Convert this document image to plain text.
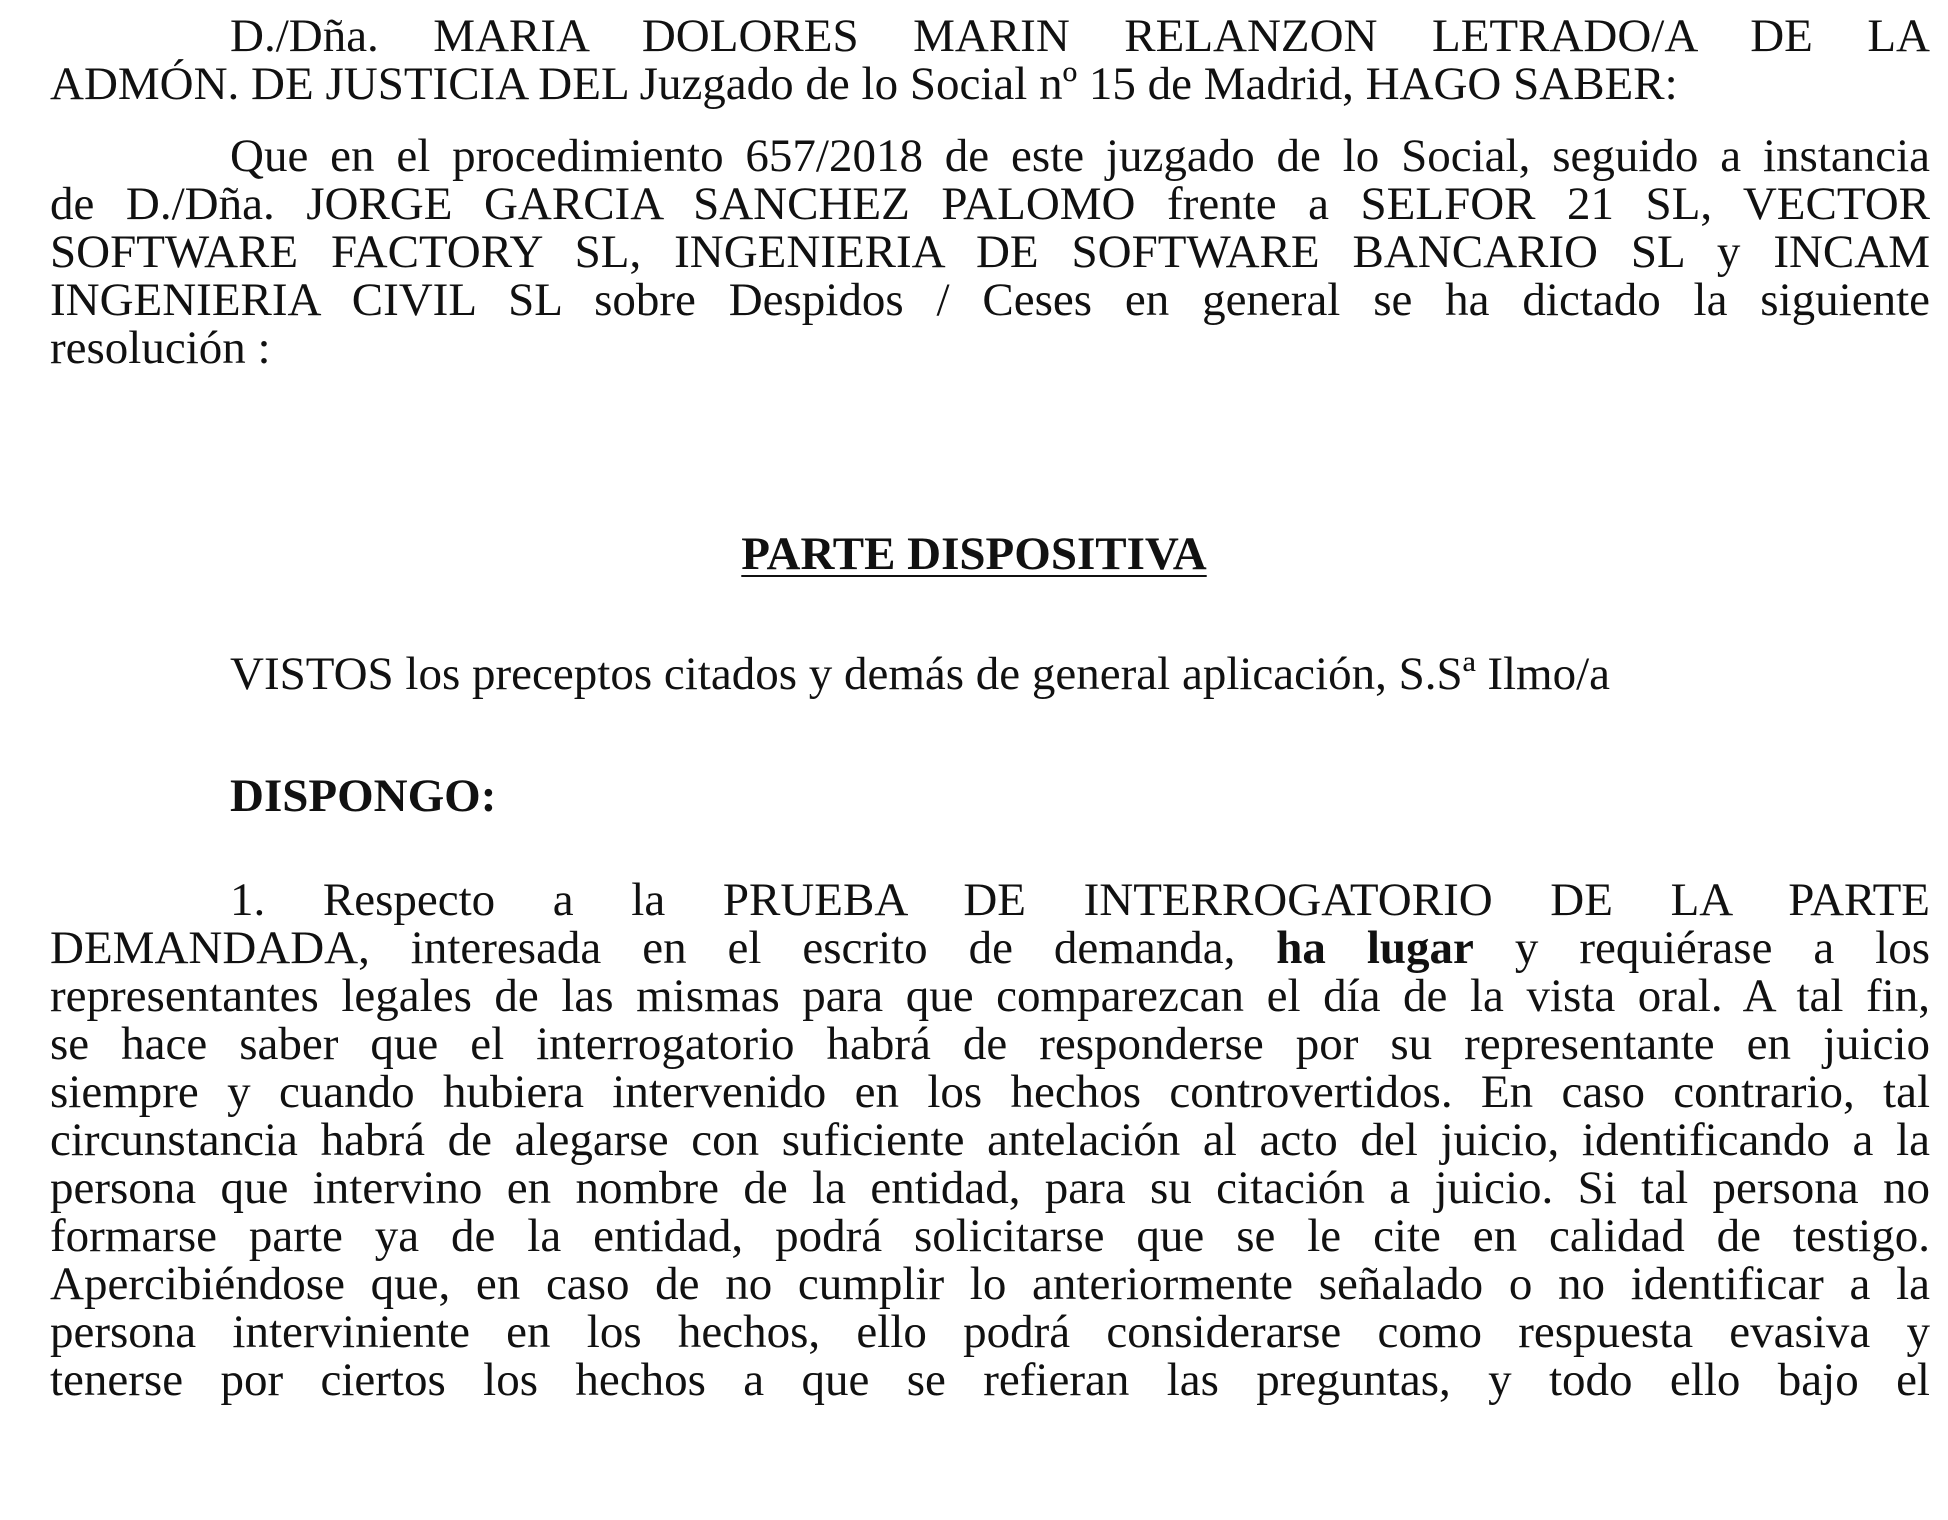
D./Dña. MARIA DOLORES MARIN RELANZON LETRADO/A DE LA
ADMÓN. DE JUSTICIA DEL Juzgado de lo Social nº 15 de Madrid, HAGO SABER:
Que en el procedimiento 657/2018 de este juzgado de lo Social, seguido a instancia
de D./Dña. JORGE GARCIA SANCHEZ PALOMO frente a SELFOR 21 SL, VECTOR
SOFTWARE FACTORY SL, INGENIERIA DE SOFTWARE BANCARIO SL y INCAM
INGENIERIA CIVIL SL sobre Despidos / Ceses en general se ha dictado la siguiente
resolución :
PARTE DISPOSITIVA
VISTOS los preceptos citados y demás de general aplicación, S.Sª Ilmo/a
DISPONGO:
1. Respecto a la PRUEBA DE INTERROGATORIO DE LA PARTE
DEMANDADA, interesada en el escrito de demanda, ha lugar y requiérase a los
representantes legales de las mismas para que comparezcan el día de la vista oral. A tal fin,
se hace saber que el interrogatorio habrá de responderse por su representante en juicio
siempre y cuando hubiera intervenido en los hechos controvertidos. En caso contrario, tal
circunstancia habrá de alegarse con suficiente antelación al acto del juicio, identificando a la
persona que intervino en nombre de la entidad, para su citación a juicio. Si tal persona no
formarse parte ya de la entidad, podrá solicitarse que se le cite en calidad de testigo.
Apercibiéndose que, en caso de no cumplir lo anteriormente señalado o no identificar a la
persona interviniente en los hechos, ello podrá considerarse como respuesta evasiva y
tenerse por ciertos los hechos a que se refieran las preguntas, y todo ello bajo el
